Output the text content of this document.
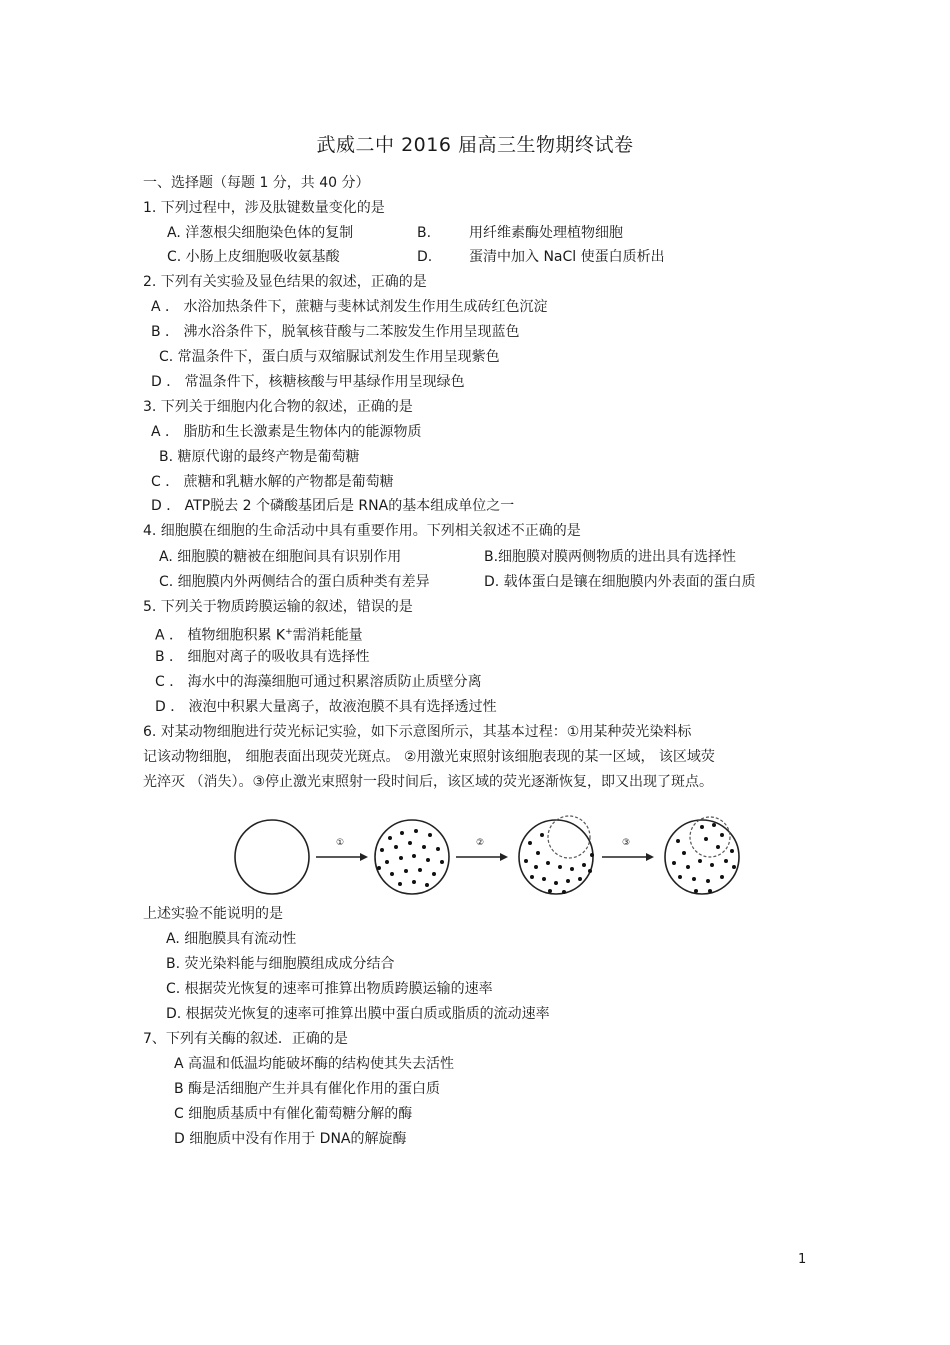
武威二中 2016 届高三生物期终试卷
一、选择题（每题 1 分，共 40 分）
1. 下列过程中，涉及肽键数量变化的是
A. 洋葱根尖细胞染色体的复制	B.	用纤维素酶处理植物细胞
C. 小肠上皮细胞吸收氨基酸	D.	蛋清中加入 NaCl 使蛋白质析出
2. 下列有关实验及显色结果的叙述，正确的是
A ． 水浴加热条件下，蔗糖与斐林试剂发生作用生成砖红色沉淀
B ． 沸水浴条件下，脱氧核苷酸与二苯胺发生作用呈现蓝色
C. 常温条件下，蛋白质与双缩脲试剂发生作用呈现紫色
D ． 常温条件下，核糖核酸与甲基绿作用呈现绿色
3. 下列关于细胞内化合物的叙述，正确的是
A ． 脂肪和生长激素是生物体内的能源物质
B. 糖原代谢的最终产物是葡萄糖
C ． 蔗糖和乳糖水解的产物都是葡萄糖
D ． ATP脱去 2 个磷酸基团后是 RNA的基本组成单位之一
4. 细胞膜在细胞的生命活动中具有重要作用。下列相关叙述不正确的是
A. 细胞膜的糖被在细胞间具有识别作用	B.细胞膜对膜两侧物质的进出具有选择性
C. 细胞膜内外两侧结合的蛋白质种类有差异	D. 载体蛋白是镶在细胞膜内外表面的蛋白质
5. 下列关于物质跨膜运输的叙述，错误的是
A ． 植物细胞积累 K+需消耗能量
B ． 细胞对离子的吸收具有选择性
C ． 海水中的海藻细胞可通过积累溶质防止质壁分离
D ． 液泡中积累大量离子，故液泡膜不具有选择透过性
6. 对某动物细胞进行荧光标记实验，如下示意图所示，其基本过程：①用某种荧光染料标
记该动物细胞， 细胞表面出现荧光斑点。 ②用激光束照射该细胞表现的某一区域， 该区域荧
光淬灭 （消失）。③停止激光束照射一段时间后，该区域的荧光逐渐恢复，即又出现了斑点。
①	②	③
上述实验不能说明的是
A. 细胞膜具有流动性
B. 荧光染料能与细胞膜组成成分结合
C. 根据荧光恢复的速率可推算出物质跨膜运输的速率
D. 根据荧光恢复的速率可推算出膜中蛋白质或脂质的流动速率
7、下列有关酶的叙述．正确的是
A 高温和低温均能破坏酶的结构使其失去活性
B 酶是活细胞产生并具有催化作用的蛋白质
C 细胞质基质中有催化葡萄糖分解的酶
D 细胞质中没有作用于 DNA的解旋酶
1
